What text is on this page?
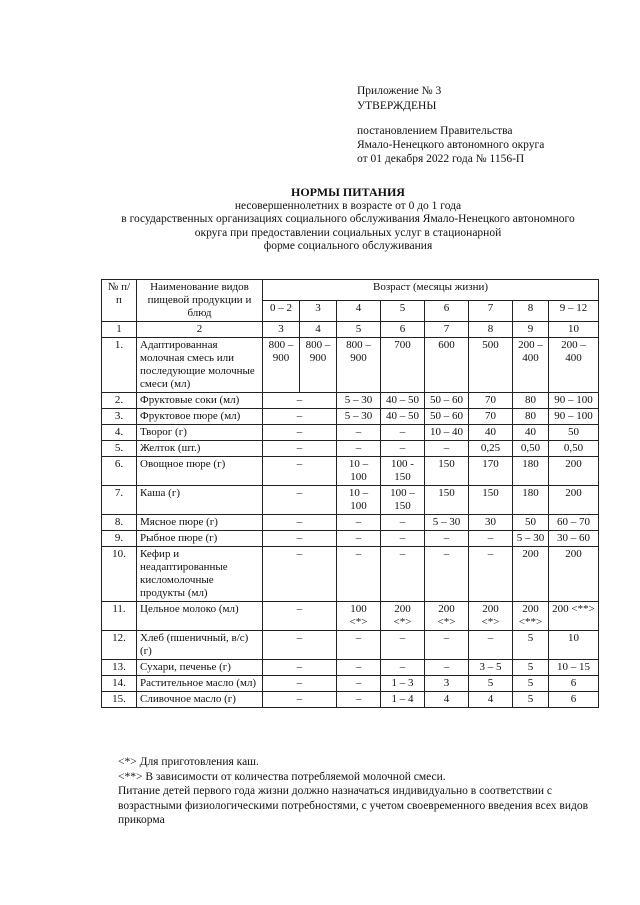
Приложение № 3
УТВЕРЖДЕНЫ
постановлением Правительства
Ямало-Ненецкого автономного округа
от 01 декабря 2022 года № 1156-П
НОРМЫ ПИТАНИЯ
несовершеннолетних в возрасте от 0 до 1 года
в государственных организациях социального обслуживания Ямало-Ненецкого автономного
округа при предоставлении социальных услуг в стационарной
форме социального обслуживания
№ п/п	Наименование видов пищевой продукции и блюд	Возраст (месяцы жизни)							
		0 – 2	3	4	5	6	7	8	9 – 12
1	2	3	4	5	6	7	8	9	10
1.	Адаптированная молочная смесь или последующие молочные смеси (мл)	800 – 900	800 – 900	800 – 900	700	600	500	200 – 400	200 – 400
2.	Фруктовые соки (мл)	–		5 – 30	40 – 50	50 – 60	70	80	90 – 100
3.	Фруктовое пюре (мл)	–		5 – 30	40 – 50	50 – 60	70	80	90 – 100
4.	Творог (г)	–		–	–	10 – 40	40	40	50
5.	Желток (шт.)	–		–	–	–	0,25	0,50	0,50
6.	Овощное пюре (г)	–		10 – 100	100 - 150	150	170	180	200
7.	Каша (г)	–		10 – 100	100 – 150	150	150	180	200
8.	Мясное пюре (г)	–		–	–	5 – 30	30	50	60 – 70
9.	Рыбное пюре (г)	–		–	–	–	–	5 – 30	30 – 60
10.	Кефир и неадаптированные кисломолочные продукты (мл)	–		–	–	–	–	200	200
11.	Цельное молоко (мл)	–		100 <*>	200 <*>	200 <*>	200 <*>	200 <**>	200 <**>
12.	Хлеб (пшеничный, в/с) (г)	–		–	–	–	–	5	10
13.	Сухари, печенье (г)	–		–	–	–	3 – 5	5	10 – 15
14.	Растительное масло (мл)	–		–	1 – 3	3	5	5	6
15.	Сливочное масло (г)	–		–	1 – 4	4	4	5	6

<*> Для приготовления каш.

<**> В зависимости от количества потребляемой молочной смеси.

Питание детей первого года жизни должно назначаться индивидуально в соответствии с возрастными физиологическими потребностями, с учетом своевременного введения всех видов прикорма
